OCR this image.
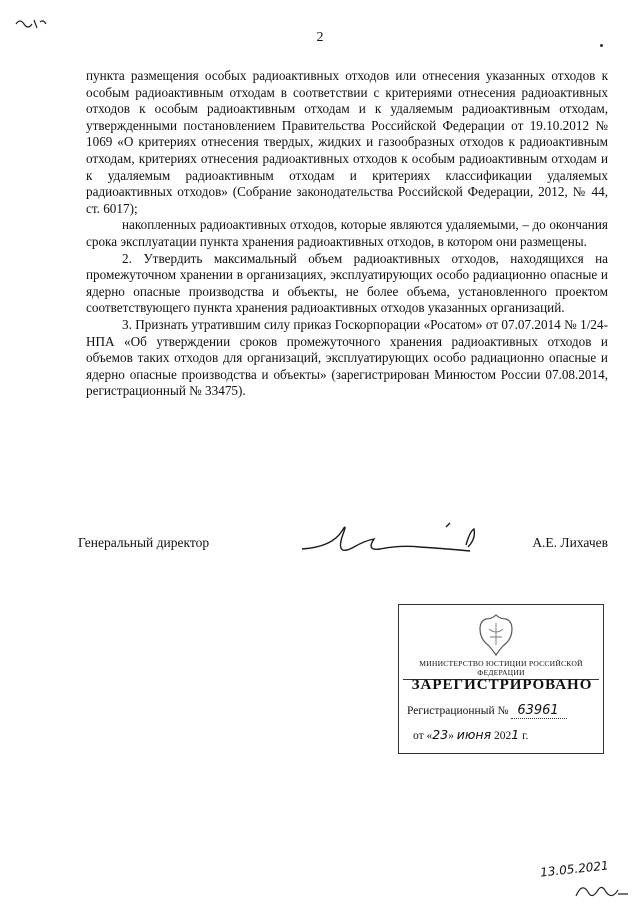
2

пункта размещения особых радиоактивных отходов или отнесения указанных отходов к особым радиоактивным отходам в соответствии с критериями отнесения радиоактивных отходов к особым радиоактивным отходам и к удаляемым радиоактивным отходам, утвержденными постановлением Правительства Российской Федерации от 19.10.2012 № 1069 «О критериях отнесения твердых, жидких и газообразных отходов к радиоактивным отходам, критериях отнесения радиоактивных отходов к особым радиоактивным отходам и к удаляемым радиоактивным отходам и критериях классификации удаляемых радиоактивных отходов» (Собрание законодательства Российской Федерации, 2012, № 44, ст. 6017);

накопленных радиоактивных отходов, которые являются удаляемыми, – до окончания срока эксплуатации пункта хранения радиоактивных отходов, в котором они размещены.

2. Утвердить максимальный объем радиоактивных отходов, находящихся на промежуточном хранении в организациях, эксплуатирующих особо радиационно опасные и ядерно опасные производства и объекты, не более объема, установленного проектом соответствующего пункта хранения радиоактивных отходов указанных организаций.

3. Признать утратившим силу приказ Госкорпорации «Росатом» от 07.07.2014 № 1/24-НПА «Об утверждении сроков промежуточного хранения радиоактивных отходов и объемов таких отходов для организаций, эксплуатирующих особо радиационно опасные и ядерно опасные производства и объекты» (зарегистрирован Минюстом России 07.08.2014, регистрационный № 33475).

Генеральный директор	А.Е. Лихачев
МИНИСТЕРСТВО ЮСТИЦИИ РОССИЙСКОЙ ФЕДЕРАЦИИ
ЗАРЕГИСТРИРОВАНО
Регистрационный № 63961
от «23» июня 2021 г.
13.05.2021
